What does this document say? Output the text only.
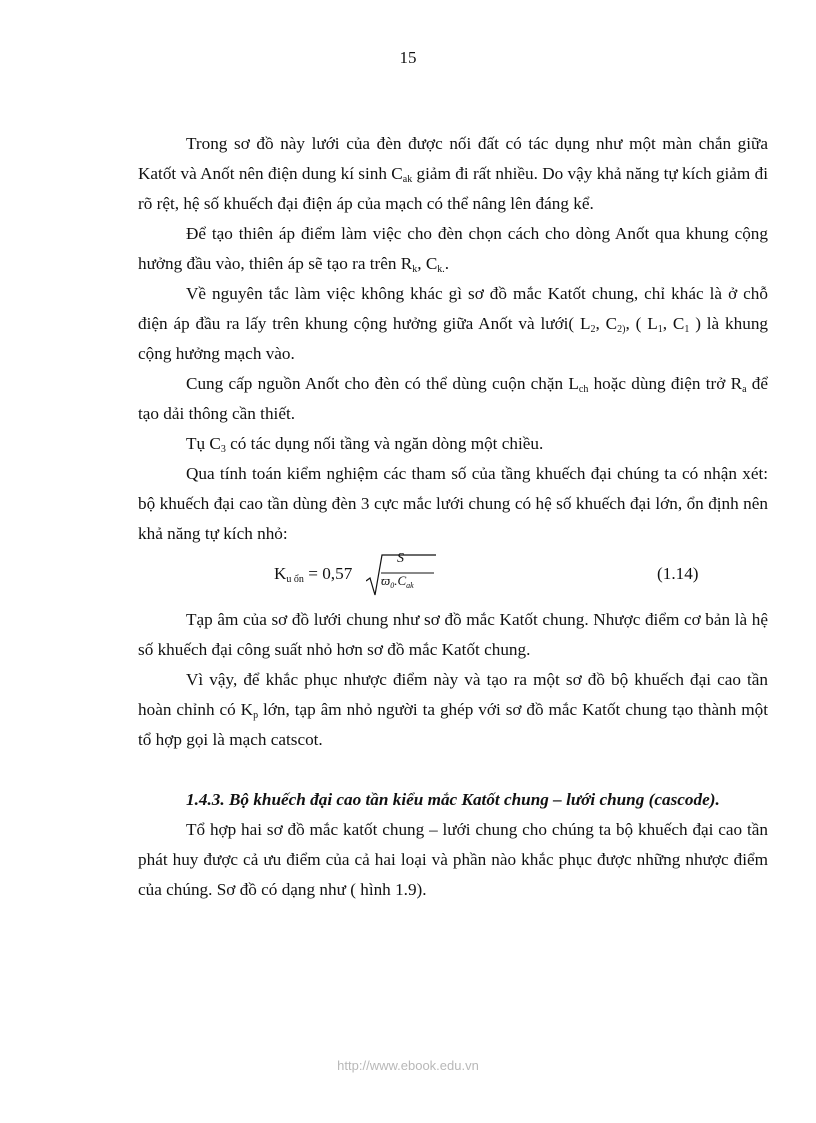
15

Trong sơ đồ này lưới của đèn được nối đất có tác dụng như một màn chắn giữa Katốt và Anốt nên điện dung kí $\sinh C_{ak}$ giảm đi rất nhiều. Do vậy khả năng tự kích giảm đi rõ rệt, hệ số khuếch đại điện áp của mạch có thể nâng lên đáng kể.

Để tạo thiên áp điểm làm việc cho đèn chọn cách cho dòng Anốt qua khung cộng hưởng đầu vào, thiên áp sẽ tạo ra trên $R_k$, $C_{k.}$.

Về nguyên tắc làm việc không khác gì sơ đồ mắc Katốt chung, chỉ khác là ở chỗ điện áp đầu ra lấy trên khung cộng hưởng giữa Anốt và lưới( $L_2$, $C_{2)}$, ( $L_1$, $C_1$ ) là khung cộng hưởng mạch vào.

Cung cấp nguồn Anốt cho đèn có thể dùng cuộn chặn $L_{ch}$ hoặc dùng điện trở $R_a$ để tạo dải thông cần thiết.

Tụ $C_3$ có tác dụng nối tầng và ngăn dòng một chiều.

Qua tính toán kiểm nghiệm các tham số của tầng khuếch đại chúng ta có nhận xét: bộ khuếch đại cao tần dùng đèn 3 cực mắc lưới chung có hệ số khuếch đại lớn, ổn định nên khả năng tự kích nhỏ:

$K_{u ổn} = 0,57$
S
$ϖ_0.C_{ak}$
(1.14)

Tạp âm của sơ đồ lưới chung như sơ đồ mắc Katốt chung. Nhược điểm cơ bản là hệ số khuếch đại công suất nhỏ hơn sơ đồ mắc Katốt chung.

Vì vậy, để khắc phục nhược điểm này và tạo ra một sơ đồ bộ khuếch đại cao tần hoàn chỉnh có $K_p$ lớn, tạp âm nhỏ người ta ghép với sơ đồ mắc Katốt chung tạo thành một tổ hợp gọi là mạch catscot.

1.4.3. Bộ khuếch đại cao tần kiểu mắc Katốt chung – lưới chung (cascode).

Tổ hợp hai sơ đồ mắc katốt chung – lưới chung cho chúng ta bộ khuếch đại cao tần phát huy được cả ưu điểm của cả hai loại và phần nào khắc phục được những nhược điểm của chúng. Sơ đồ có dạng như ( hình 1.9).

http://www.ebook.edu.vn
